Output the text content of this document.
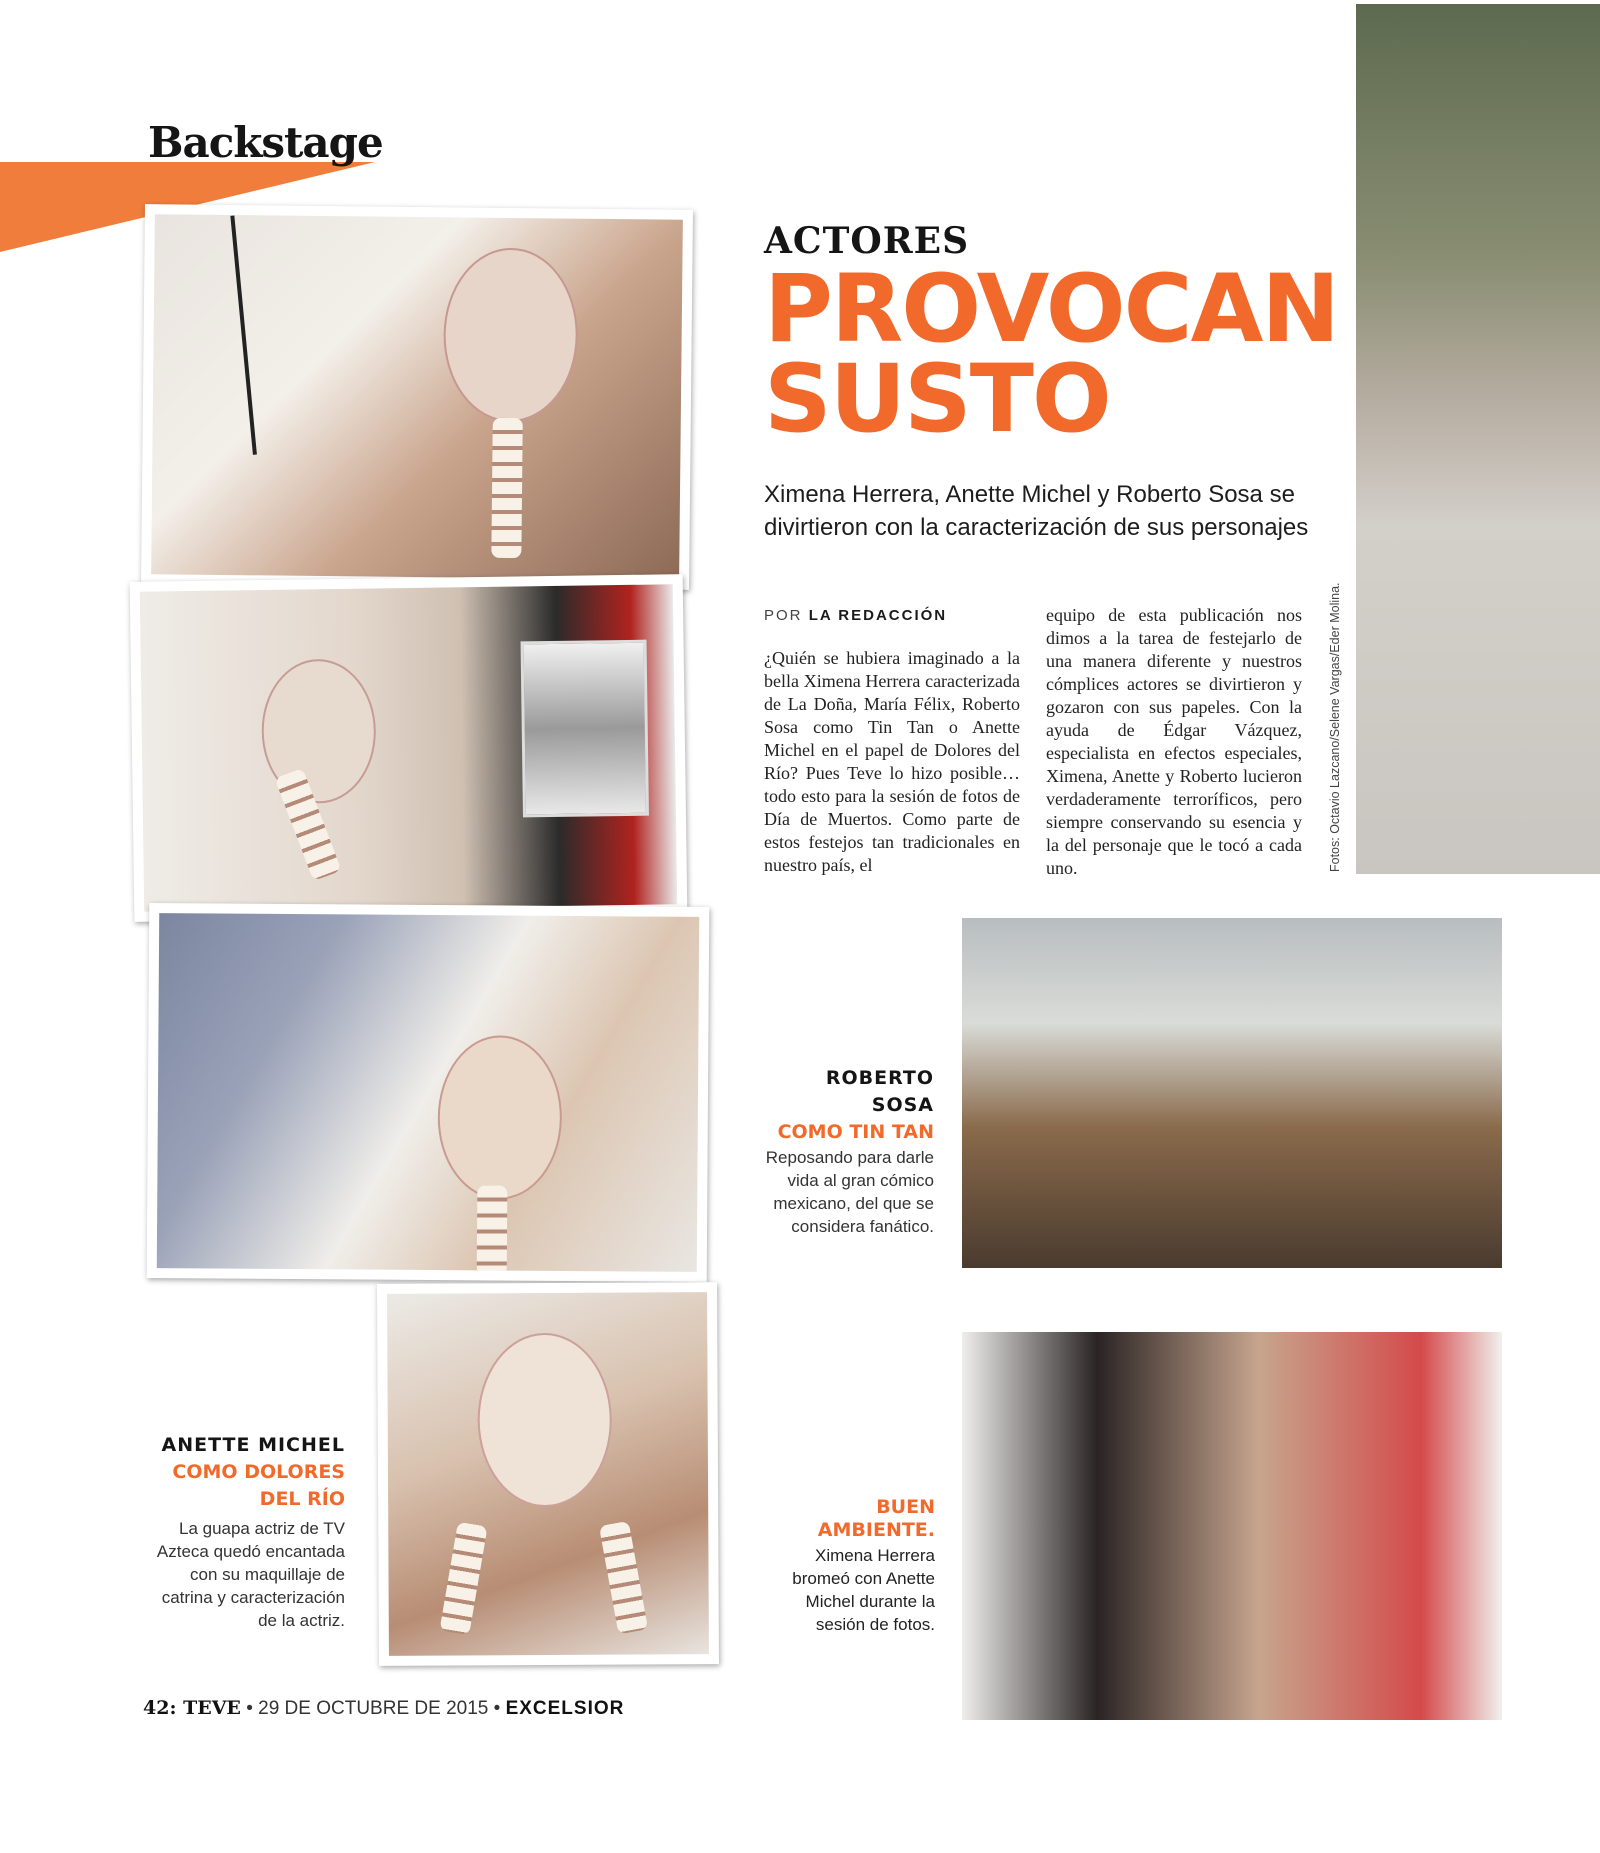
Backstage
ACTORES
PROVOCAN
SUSTO
Ximena Herrera, Anette Michel y Roberto Sosa se divirtieron con la caracterización de sus personajes
POR LA REDACCIÓN
¿Quién se hubiera imaginado a la bella Ximena Herrera caracterizada de La Doña, María Félix, Roberto Sosa como Tin Tan o Anette Michel en el papel de Dolores del Río? Pues Teve lo hizo posible… todo esto para la sesión de fotos de Día de Muertos. Como parte de estos festejos tan tradicionales en nuestro país, el
equipo de esta publicación nos dimos a la tarea de festejarlo de una manera diferente y nuestros cómplices actores se divirtieron y gozaron con sus papeles. Con la ayuda de Édgar Vázquez, especialista en efectos especiales, Ximena, Anette y Roberto lucieron verdaderamente terroríficos, pero siempre conservando su esencia y la del personaje que le tocó a cada uno.	Fotos: Octavio Lazcano/Selene Vargas/Eder Molina.
ROBERTO
SOSA
COMO TIN TAN
Reposando para darle vida al gran cómico mexicano, del que se considera fanático.
ANETTE MICHEL
COMO DOLORES
DEL RÍO
La guapa actriz de TV Azteca quedó encantada con su maquillaje de catrina y caracterización de la actriz.
BUEN
AMBIENTE.
Ximena Herrera bromeó con Anette Michel durante la sesión de fotos.
42: TEVE • 29 DE OCTUBRE DE 2015 • EXCELSIOR
